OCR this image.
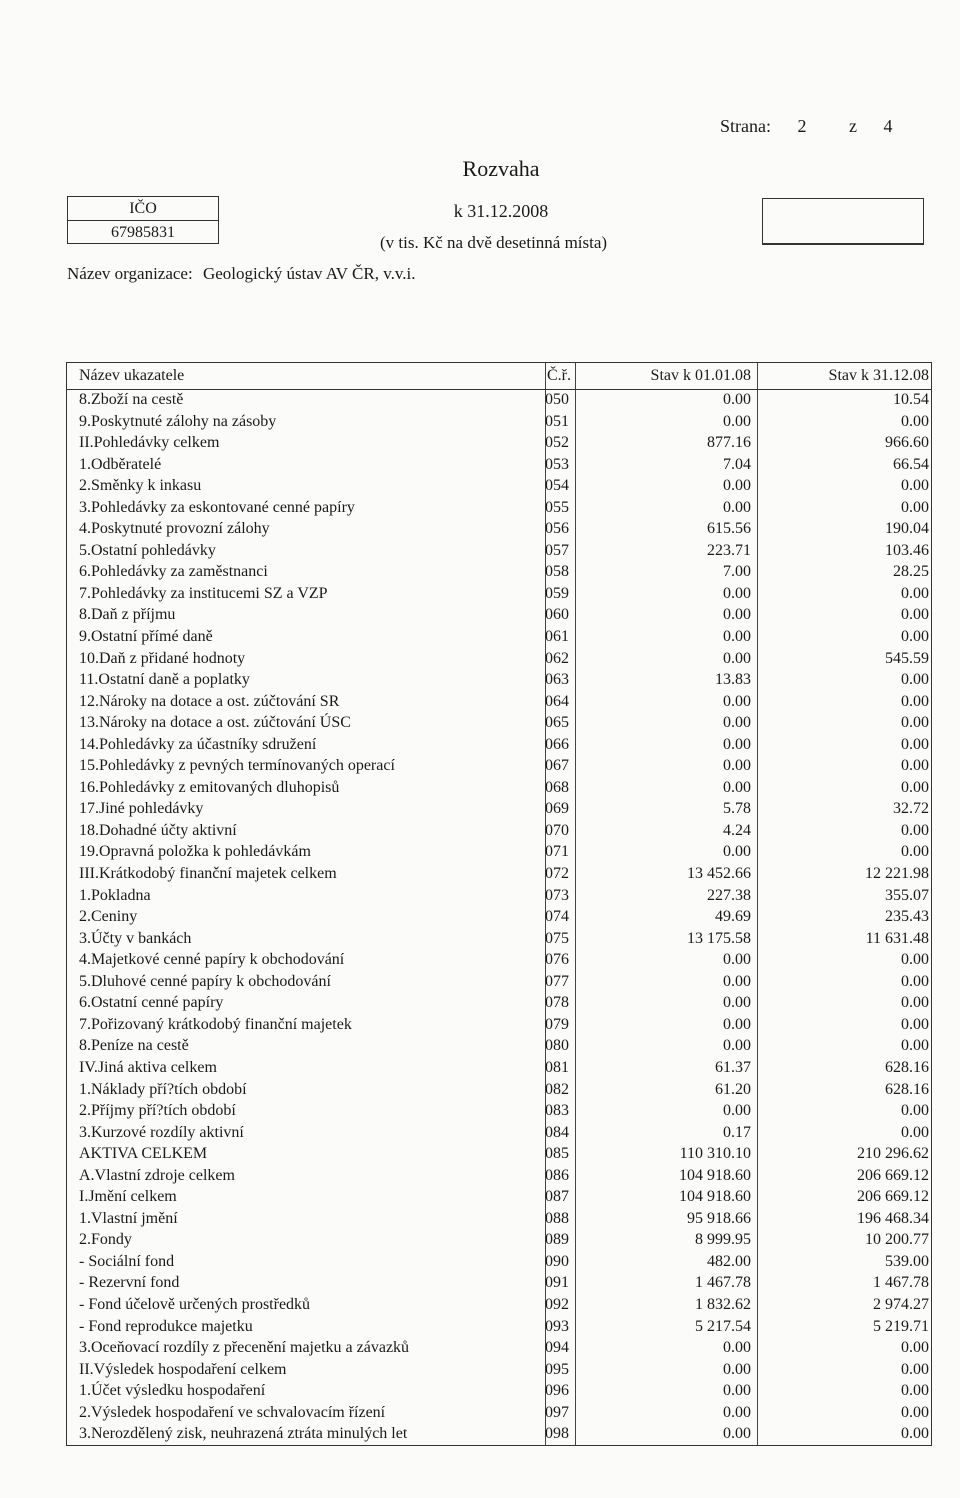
Strana: 2 z 4
Rozvaha
k 31.12.2008
(v tis. Kč na dvě desetinná místa)
IČO
67985831
Název organizace: Geologický ústav AV ČR, v.v.i.
Název ukazatele	Č.ř.	Stav k 01.01.08	Stav k 31.12.08
8.Zboží na cestě	050	0.00	10.54
9.Poskytnuté zálohy na zásoby	051	0.00	0.00
II.Pohledávky celkem	052	877.16	966.60
1.Odběratelé	053	7.04	66.54
2.Směnky k inkasu	054	0.00	0.00
3.Pohledávky za eskontované cenné papíry	055	0.00	0.00
4.Poskytnuté provozní zálohy	056	615.56	190.04
5.Ostatní pohledávky	057	223.71	103.46
6.Pohledávky za zaměstnanci	058	7.00	28.25
7.Pohledávky za institucemi SZ a VZP	059	0.00	0.00
8.Daň z příjmu	060	0.00	0.00
9.Ostatní přímé daně	061	0.00	0.00
10.Daň z přidané hodnoty	062	0.00	545.59
11.Ostatní daně a poplatky	063	13.83	0.00
12.Nároky na dotace a ost. zúčtování SR	064	0.00	0.00
13.Nároky na dotace a ost. zúčtování ÚSC	065	0.00	0.00
14.Pohledávky za účastníky sdružení	066	0.00	0.00
15.Pohledávky z pevných termínovaných operací	067	0.00	0.00
16.Pohledávky z emitovaných dluhopisů	068	0.00	0.00
17.Jiné pohledávky	069	5.78	32.72
18.Dohadné účty aktivní	070	4.24	0.00
19.Opravná položka k pohledávkám	071	0.00	0.00
III.Krátkodobý finanční majetek celkem	072	13 452.66	12 221.98
1.Pokladna	073	227.38	355.07
2.Ceniny	074	49.69	235.43
3.Účty v bankách	075	13 175.58	11 631.48
4.Majetkové cenné papíry k obchodování	076	0.00	0.00
5.Dluhové cenné papíry k obchodování	077	0.00	0.00
6.Ostatní cenné papíry	078	0.00	0.00
7.Pořizovaný krátkodobý finanční majetek	079	0.00	0.00
8.Peníze na cestě	080	0.00	0.00
IV.Jiná aktiva celkem	081	61.37	628.16
1.Náklady pří?tích období	082	61.20	628.16
2.Příjmy pří?tích období	083	0.00	0.00
3.Kurzové rozdíly aktivní	084	0.17	0.00
AKTIVA CELKEM	085	110 310.10	210 296.62
A.Vlastní zdroje celkem	086	104 918.60	206 669.12
I.Jmění celkem	087	104 918.60	206 669.12
1.Vlastní jmění	088	95 918.66	196 468.34
2.Fondy	089	8 999.95	10 200.77
- Sociální fond	090	482.00	539.00
- Rezervní fond	091	1 467.78	1 467.78
- Fond účelově určených prostředků	092	1 832.62	2 974.27
- Fond reprodukce majetku	093	5 217.54	5 219.71
3.Oceňovací rozdíly z přecenění majetku a závazků	094	0.00	0.00
II.Výsledek hospodaření celkem	095	0.00	0.00
1.Účet výsledku hospodaření	096	0.00	0.00
2.Výsledek hospodaření ve schvalovacím řízení	097	0.00	0.00
3.Nerozdělený zisk, neuhrazená ztráta minulých let	098	0.00	0.00
